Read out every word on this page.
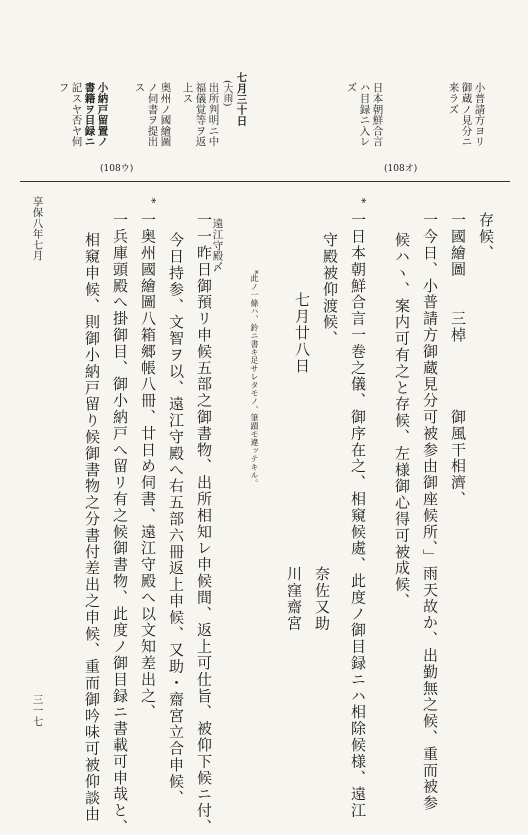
小普請方ヨリ
御蔵ノ見分ニ
来ラズ
日本朝鮮合言
ハ目録ニ入レ
ズ
七月三十日
(大雨)
出所判明ニ中
福儀覚等ヲ返
上ス
奥州ノ國繪圖
ノ伺書ヲ提出
ス
小納戸留置ノ
書籍ヲ目録ニ
記スヤ否ヤ伺
フ
(108オ)
(108ウ)
存候、
一國繪圖　　三棹　　　　御風干相濟、
一今日、小普請方御蔵見分可被参由御座候所、」雨天故か、出勤無之候、重而被参
候ハヽ、案内可有之と存候、左様御心得可被成候、
*
一日本朝鮮合言一巻之儀、御序在之、相窺候處、此度ノ御目録ニハ相除候様、遠江
守殿被仰渡候、
七月廿八日
奈佐又助
川窪齋宮
*此ノ一條ハ、鈴ニ書キ足サレタモノ、筆蹟モ違ッテキル。
遠江守殿〆
一一昨日御預リ申候五部之御書物、出所相知レ申候間、返上可仕旨、被仰下候ニ付、
今日持参、文智ヲ以、遠江守殿へ右五部六冊返上申候、又助・齋宮立合申候、
*
一奥州國繪圖八箱郷帳八冊、廿日め伺書、遠江守殿へ以文知差出之、
一兵庫頭殿へ掛御目、御小納戸へ留リ有之候御書物、此度ノ御目録ニ書載可申哉と、
相窺申候、則御小納戸留り候御書物之分書付差出之申候、重而御吟味可被仰談由
享保八年七月
三一七
